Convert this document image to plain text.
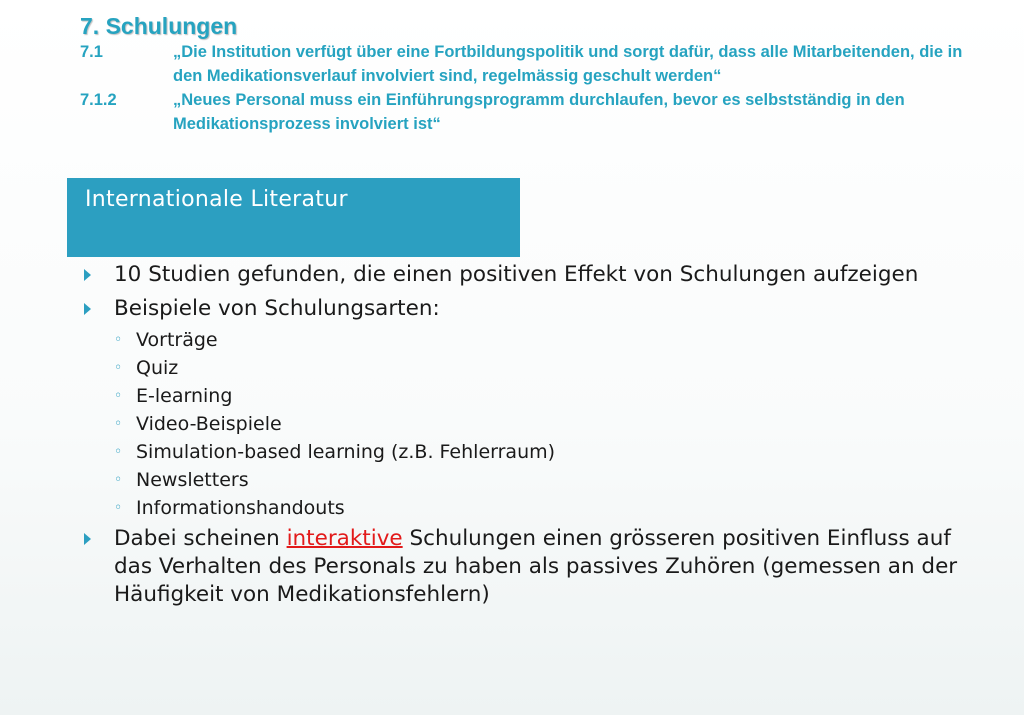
7. Schulungen
7.1	„Die Institution verfügt über eine Fortbildungspolitik und sorgt dafür, dass alle Mitarbeitenden, die in den Medikationsverlauf involviert sind, regelmässig geschult werden“
7.1.2	„Neues Personal muss ein Einführungsprogramm durchlaufen, bevor es selbstständig in den Medikationsprozess involviert ist“
Internationale Literatur
10 Studien gefunden, die einen positiven Effekt von Schulungen aufzeigen
Beispiele von Schulungsarten:
◦ Vorträge
◦ Quiz
◦ E-learning
◦ Video-Beispiele
◦ Simulation-based learning (z.B. Fehlerraum)
◦ Newsletters
◦ Informationshandouts
Dabei scheinen interaktive Schulungen einen grösseren positiven Einfluss auf das Verhalten des Personals zu haben als passives Zuhören (gemessen an der Häufigkeit von Medikationsfehlern)
